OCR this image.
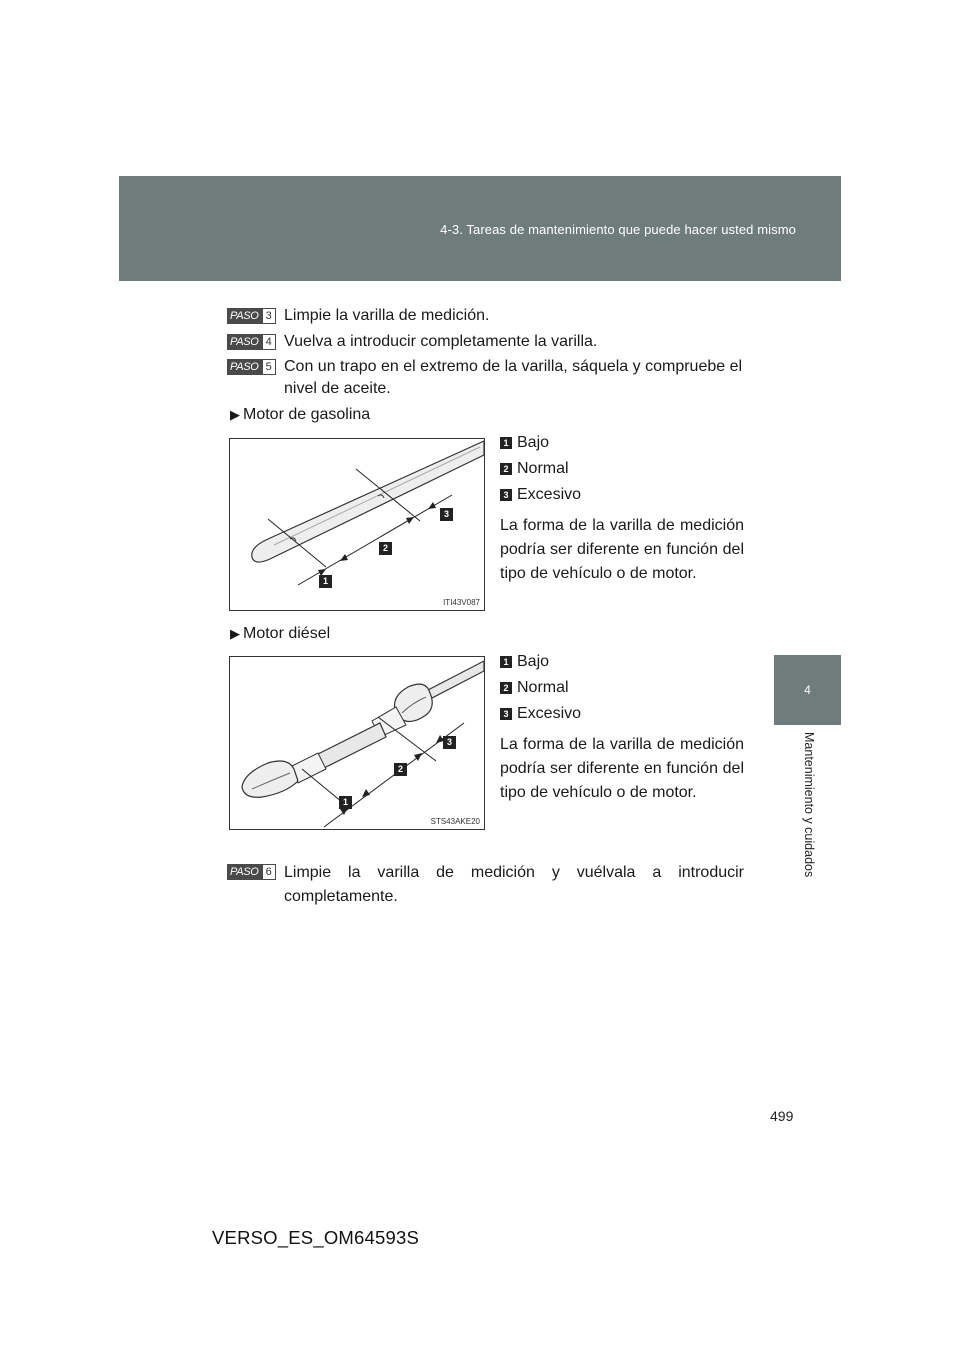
4-3. Tareas de mantenimiento que puede hacer usted mismo
4
Mantenimiento y cuidados
PASO 3 Limpie la varilla de medición.
PASO 4 Vuelva a introducir completamente la varilla.
PASO 5 Con un trapo en el extremo de la varilla, sáquela y compruebe el nivel de aceite.
▶ Motor de gasolina
1
2
3
ITI43V087
1 Bajo
2 Normal
3 Excesivo
La forma de la varilla de medición podría ser diferente en función del tipo de vehículo o de motor.
▶ Motor diésel
1
2
3
STS43AKE20
1 Bajo
2 Normal
3 Excesivo
La forma de la varilla de medición podría ser diferente en función del tipo de vehículo o de motor.
PASO 6 Limpie la varilla de medición y vuélvala a introducir completamente.
499
VERSO_ES_OM64593S
